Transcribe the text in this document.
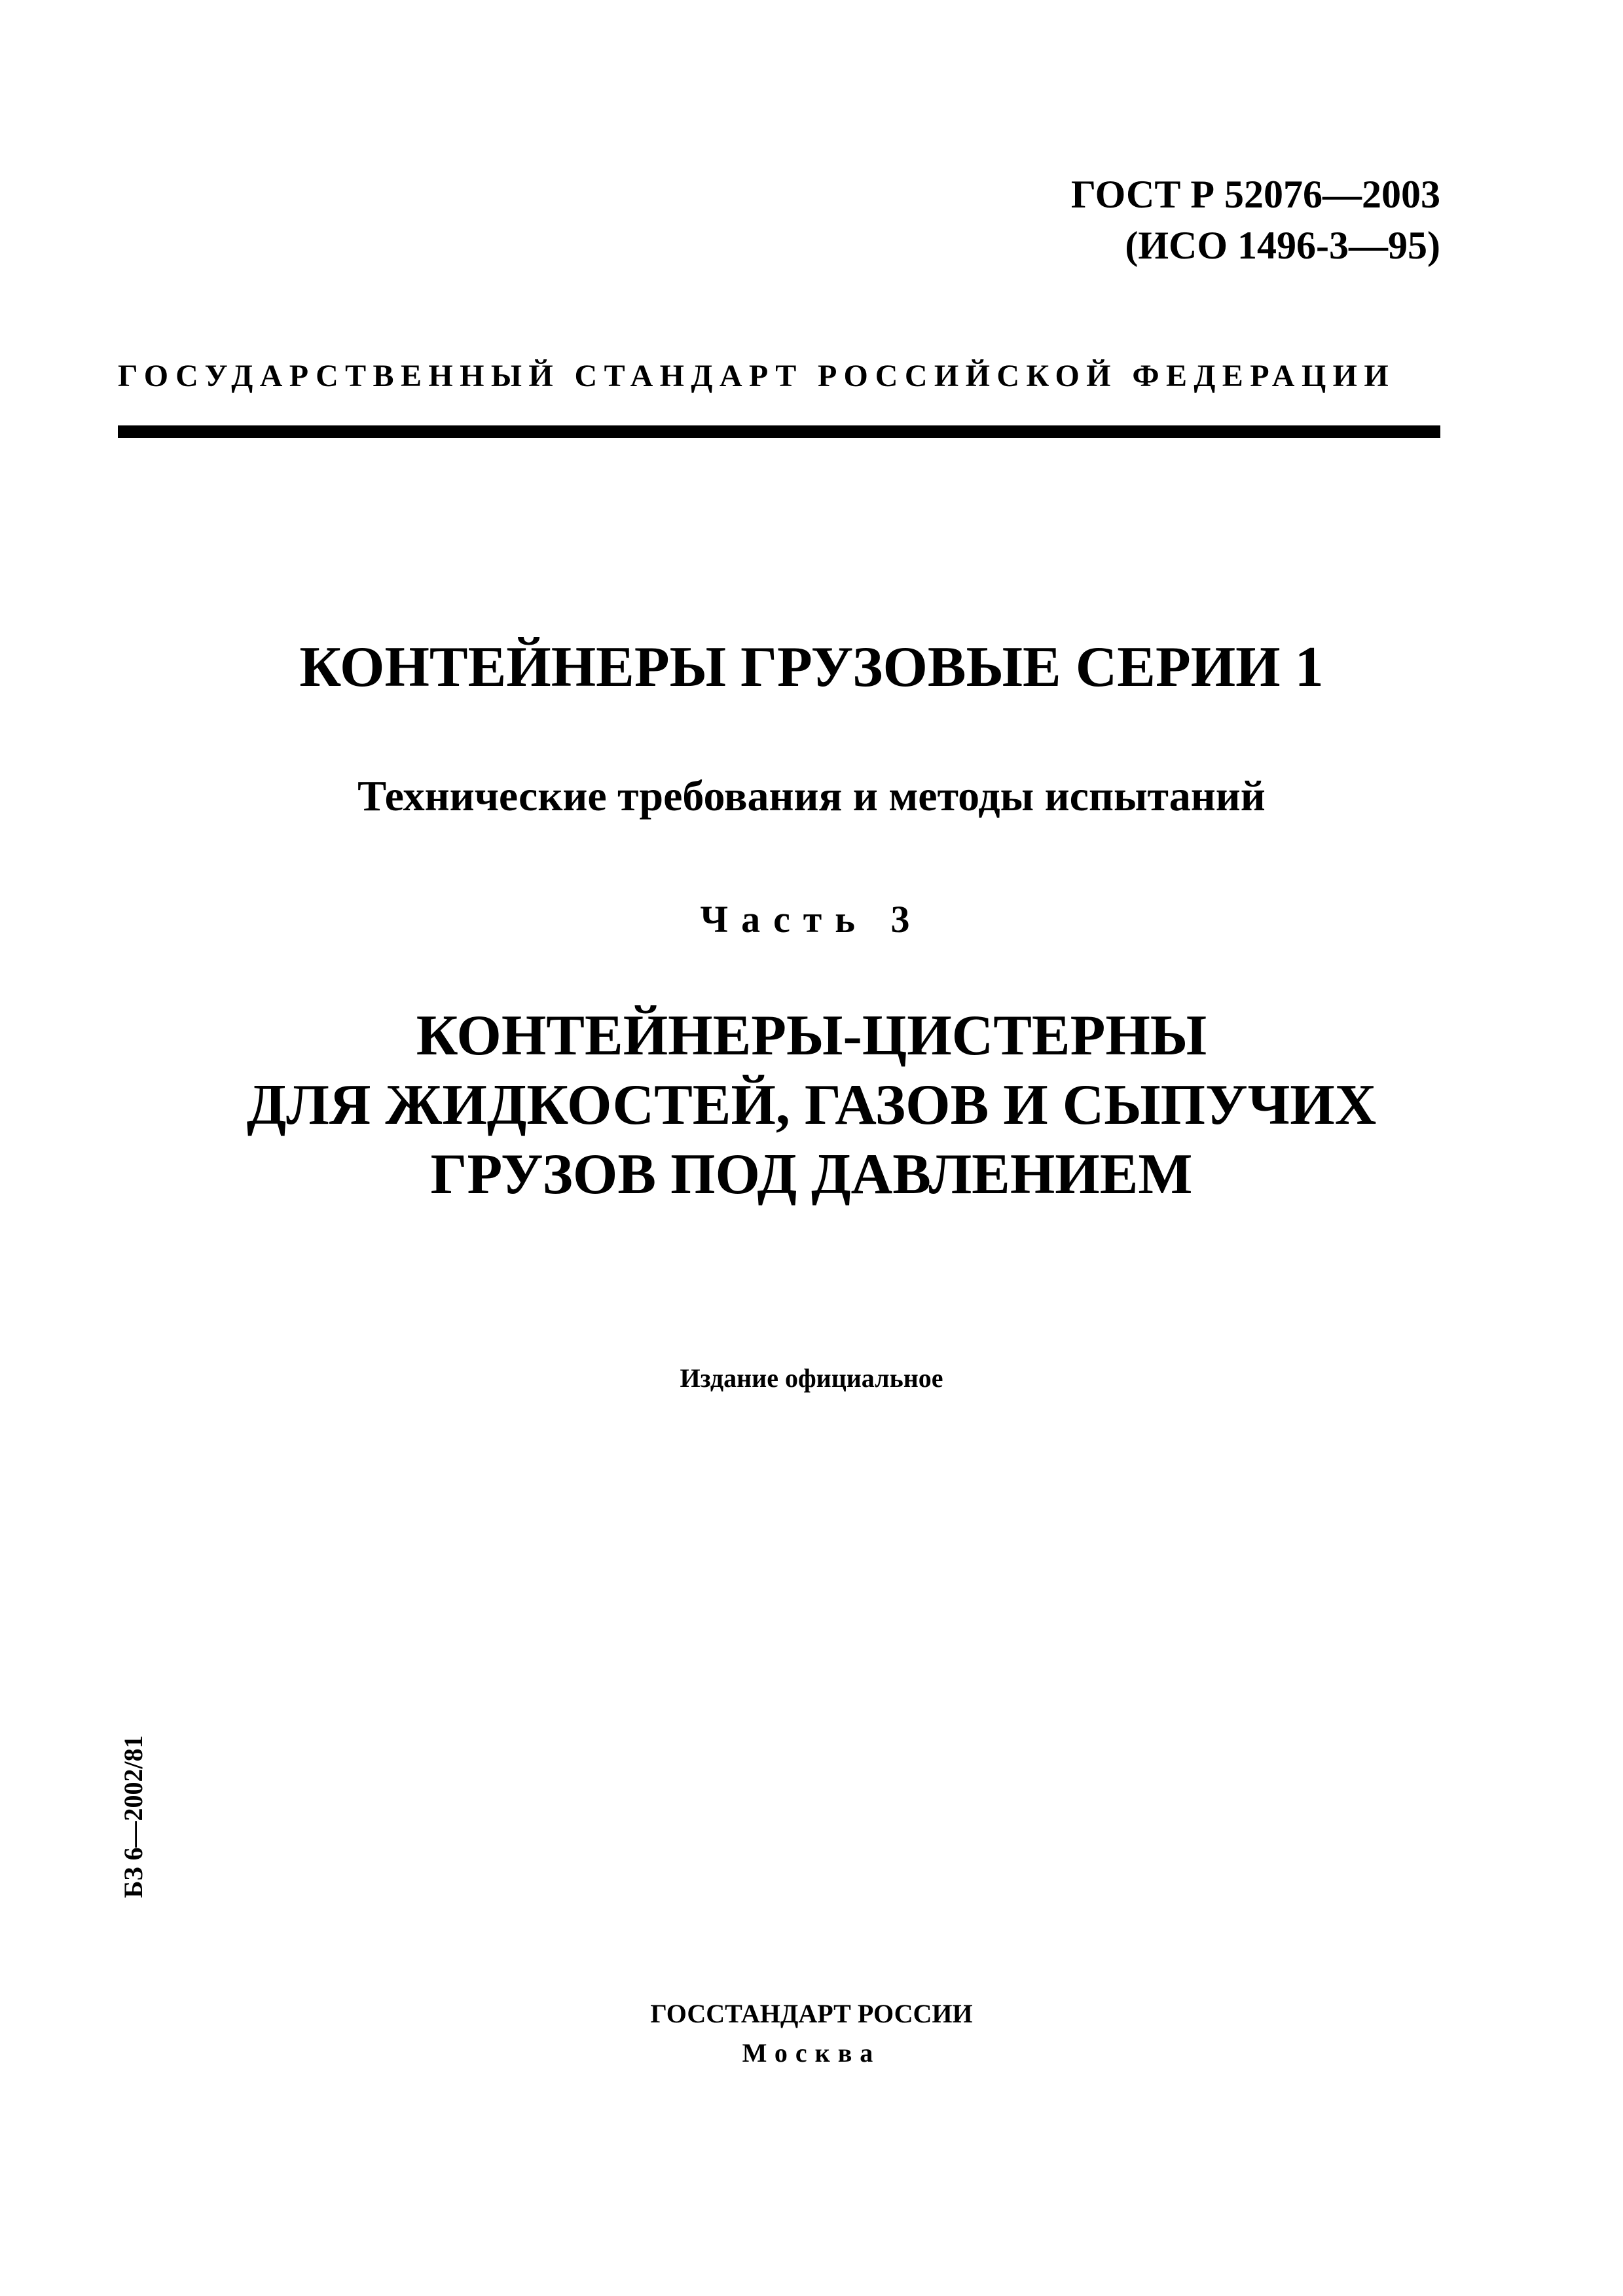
ГОСТ Р 52076—2003
(ИСО 1496-3—95)
ГОСУДАРСТВЕННЫЙ СТАНДАРТ РОССИЙСКОЙ ФЕДЕРАЦИИ
КОНТЕЙНЕРЫ ГРУЗОВЫЕ СЕРИИ 1
Технические требования и методы испытаний
Часть 3
КОНТЕЙНЕРЫ-ЦИСТЕРНЫ
ДЛЯ ЖИДКОСТЕЙ, ГАЗОВ И СЫПУЧИХ
ГРУЗОВ ПОД ДАВЛЕНИЕМ
Издание официальное
БЗ 6—2002/81
ГОССТАНДАРТ РОССИИ
Москва
